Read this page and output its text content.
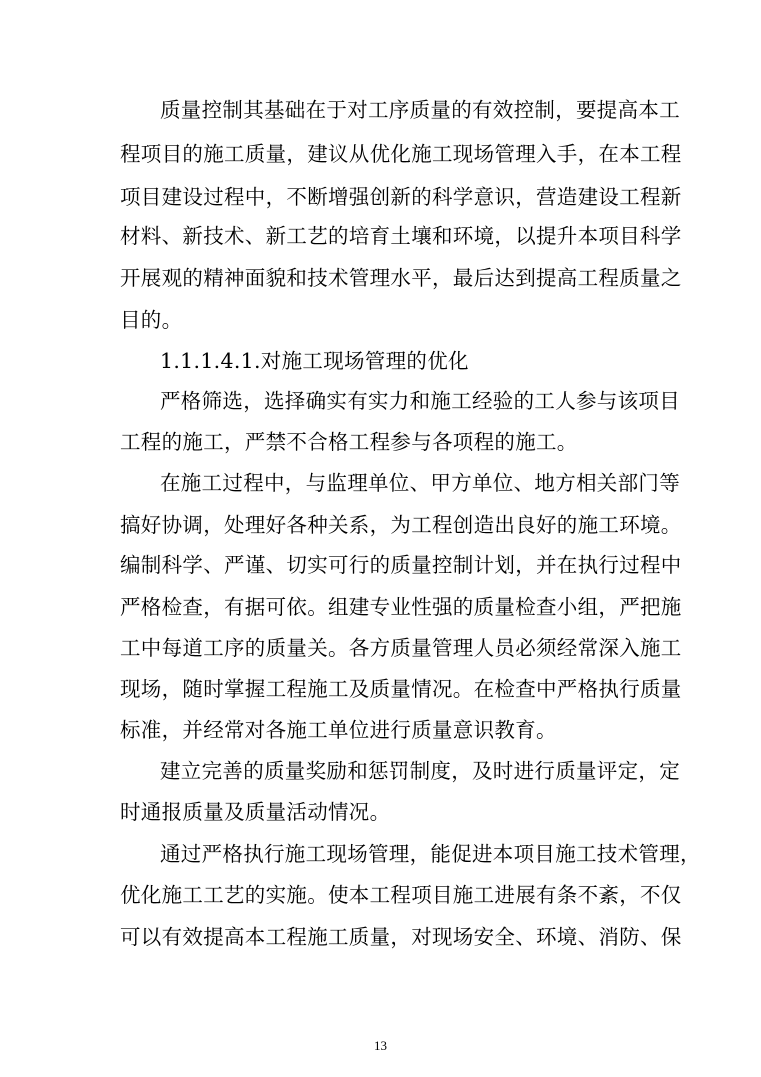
质量控制其基础在于对工序质量的有效控制，要提高本工
程项目的施工质量，建议从优化施工现场管理入手，在本工程
项目建设过程中，不断增强创新的科学意识，营造建设工程新
材料、新技术、新工艺的培育土壤和环境，以提升本项目科学
开展观的精神面貌和技术管理水平，最后达到提高工程质量之
目的。
1.1.1.4.1.对施工现场管理的优化
严格筛选，选择确实有实力和施工经验的工人参与该项目
工程的施工，严禁不合格工程参与各项程的施工。
在施工过程中，与监理单位、甲方单位、地方相关部门等
搞好协调，处理好各种关系，为工程创造出良好的施工环境。
编制科学、严谨、切实可行的质量控制计划，并在执行过程中
严格检查，有据可依。组建专业性强的质量检查小组，严把施
工中每道工序的质量关。各方质量管理人员必须经常深入施工
现场，随时掌握工程施工及质量情况。在检查中严格执行质量
标准，并经常对各施工单位进行质量意识教育。
建立完善的质量奖励和惩罚制度，及时进行质量评定，定
时通报质量及质量活动情况。
通过严格执行施工现场管理，能促进本项目施工技术管理，
优化施工工艺的实施。使本工程项目施工进展有条不紊，不仅
可以有效提高本工程施工质量，对现场安全、环境、消防、保
13
